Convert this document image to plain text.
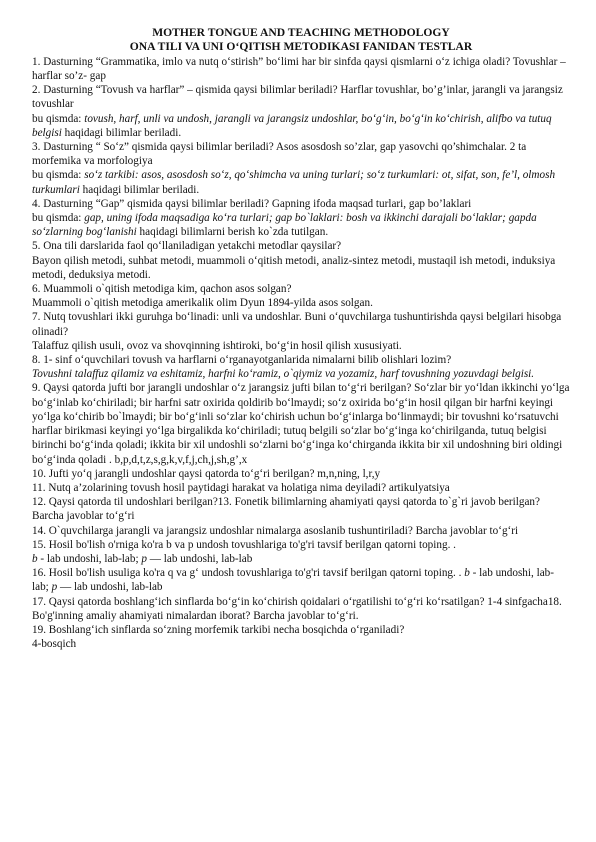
MOTHER TONGUE AND TEACHING METHODOLOGY

ONA TILI VA UNI O‘QITISH METODIKASI FANIDAN TESTLAR

1. Dasturning “Grammatika, imlo va nutq o‘stirish” bo‘limi har bir sinfda qaysi qismlarni o‘z ichiga oladi? Tovushlar – harflar so’z- gap

2. Dasturning “Tovush va harflar” – qismida qaysi bilimlar beriladi? Harflar tovushlar, bo’g’inlar, jarangli va jarangsiz tovushlar

bu qismda: tovush, harf, unli va undosh, jarangli va jarangsiz undoshlar, bo‘g‘in, bo‘g‘in ko‘chirish, alifbo va tutuq belgisi haqidagi bilimlar beriladi.

3. Dasturning “ So‘z” qismida qaysi bilimlar beriladi? Asos asosdosh so’zlar, gap yasovchi qo’shimchalar. 2 ta morfemika va morfologiya

bu qismda: so‘z tarkibi: asos, asosdosh so‘z, qo‘shimcha va uning turlari; so‘z turkumlari: ot, sifat, son, fe’l, olmosh turkumlari haqidagi bilimlar beriladi.

4. Dasturning “Gap” qismida qaysi bilimlar beriladi? Gapning ifoda maqsad turlari, gap bo’laklari

bu qismda: gap, uning ifoda maqsadiga ko‘ra turlari; gap bo`laklari: bosh va ikkinchi darajali bo‘laklar; gapda so‘zlarning bog‘lanishi haqidagi bilimlarni berish ko`zda tutilgan.

5. Ona tili darslarida faol qo‘llaniladigan yetakchi metodlar qaysilar?

Bayon qilish metodi, suhbat metodi, muammoli o‘qitish metodi, analiz-sintez metodi, mustaqil ish metodi, induksiya metodi, deduksiya metodi.

6. Muammoli o`qitish metodiga kim, qachon asos solgan?

Muammoli o`qitish metodiga amerikalik olim Dyun 1894-yilda asos solgan.

7. Nutq tovushlari ikki guruhga bo‘linadi: unli va undoshlar. Buni o‘quvchilarga tushuntirishda qaysi belgilari hisobga olinadi?

Talaffuz qilish usuli, ovoz va shovqinning ishtiroki, bo‘g‘in hosil qilish xususiyati.

8. 1- sinf o‘quvchilari tovush va harflarni o‘rganayotganlarida nimalarni bilib olishlari lozim?

Tovushni talaffuz qilamiz va eshitamiz, harfni ko‘ramiz, o`qiymiz va yozamiz, harf tovushning yozuvdagi belgisi.

9. Qaysi qatorda jufti bor jarangli undoshlar o‘z jarangsiz jufti bilan to‘g‘ri berilgan? So‘zlar bir yo‘ldan ikkinchi yo‘lga bo‘g‘inlab ko‘chiriladi; bir harfni satr oxirida qoldirib bo‘lmaydi; so‘z oxirida bo‘g‘in hosil qilgan bir harfni keyingi yo‘lga ko‘chirib bo`lmaydi; bir bo‘g‘inli so‘zlar ko‘chirish uchun bo‘g‘inlarga bo‘linmaydi; bir tovushni ko‘rsatuvchi harflar birikmasi keyingi yo‘lga birgalikda ko‘chiriladi; tutuq belgili so‘zlar bo‘g‘inga ko‘chirilganda, tutuq belgisi birinchi bo‘g‘inda qoladi; ikkita bir xil undoshli so‘zlarni bo‘g‘inga ko‘chirganda ikkita bir xil undoshning biri oldingi bo‘g‘inda qoladi . b,p,d,t,z,s,g,k,v,f,j,ch,j,sh,g’,x

10. Jufti yo‘q jarangli undoshlar qaysi qatorda to‘g‘ri berilgan? m,n,ning, l,r,y

11. Nutq a’zolarining tovush hosil paytidagi harakat va holatiga nima deyiladi? artikulyatsiya

12. Qaysi qatorda til undoshlari berilgan?13. Fonetik bilimlarning ahamiyati qaysi qatorda to`g`ri javob berilgan? Barcha javoblar to‘g‘ri

14. O`quvchilarga jarangli va jarangsiz undoshlar nimalarga asoslanib tushuntiriladi? Barcha javoblar to‘g‘ri

15. Hosil bo'lish o'rniga ko'ra b va p undosh tovushlariga to'g'ri tavsif berilgan qatorni toping. .
b - lab undoshi, lab-lab; p — lab undoshi, lab-lab

16. Hosil bo'lish usuliga ko'ra q va g‘ undosh tovushlariga to'g'ri tavsif berilgan qatorni toping. . b - lab undoshi, lab-lab; p — lab undoshi, lab-lab

17. Qaysi qatorda boshlang‘ich sinflarda bo‘g‘in ko‘chirish qoidalari o‘rgatilishi to‘g‘ri ko‘rsatilgan? 1-4 sinfgacha18. Bo'g'inning amaliy ahamiyati nimalardan iborat? Barcha javoblar to‘g‘ri.

19. Boshlang‘ich sinflarda so‘zning morfemik tarkibi necha bosqichda o‘rganiladi?

4-bosqich
